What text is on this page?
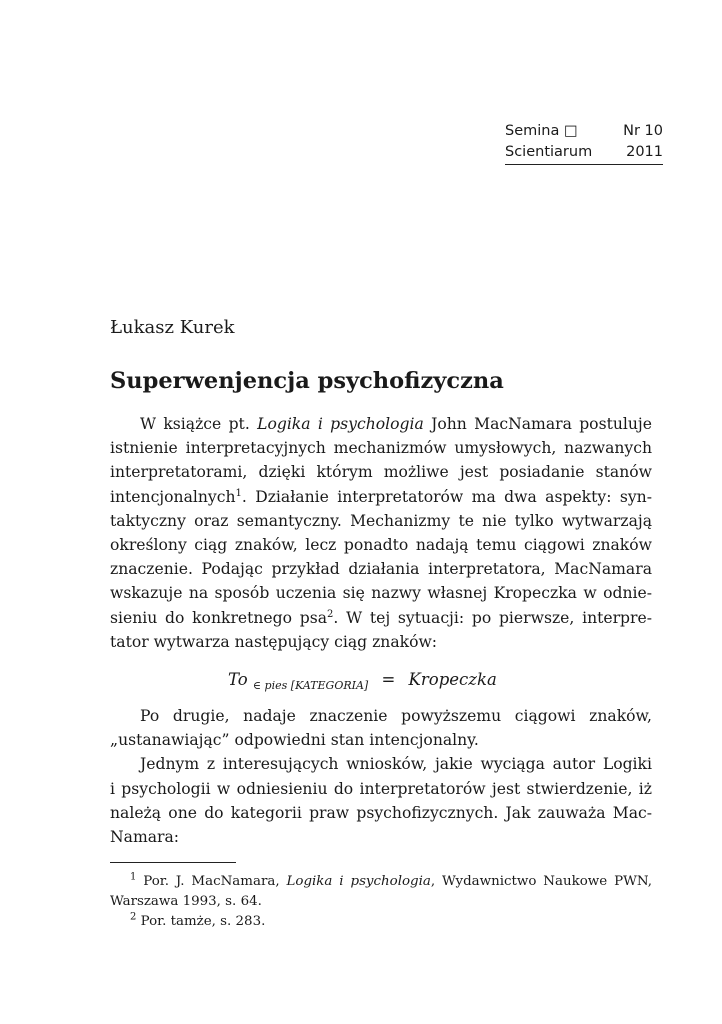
Semina □	Nr 10
Scientiarum 2011
Łukasz Kurek
Superwenjencja psychofizyczna
W książce pt. Logika i psychologia John MacNamara postuluje
istnienie interpretacyjnych mechanizmów umysłowych, nazwanych
interpretatorami, dzięki którym możliwe jest posiadanie stanów
intencjonalnych$^1$. Działanie interpretatorów ma dwa aspekty: syn-
taktyczny oraz semantyczny. Mechanizmy te nie tylko wytwarzają
określony ciąg znaków, lecz ponadto nadają temu ciągowi znaków
znaczenie. Podając przykład działania interpretatora, MacNamara
wskazuje na sposób uczenia się nazwy własnej Kropeczka w odnie-
sieniu do konkretnego psa$^2$. W tej sytuacji: po pierwsze, interpre-
tator wytwarza następujący ciąg znaków:
To $_{\in pies [KATEGORIA]}$ = Kropeczka
Po drugie, nadaje znaczenie powyższemu ciągowi znaków,
„ustanawiając” odpowiedni stan intencjonalny.
Jednym z interesujących wniosków, jakie wyciąga autor Logiki
i psychologii w odniesieniu do interpretatorów jest stwierdzenie, iż
należą one do kategorii praw psychofizycznych. Jak zauważa Mac-
Namara:
$^1$ Por. J. MacNamara, Logika i psychologia, Wydawnictwo Naukowe PWN,
Warszawa 1993, s. 64.
$^2$ Por. tamże, s. 283.
